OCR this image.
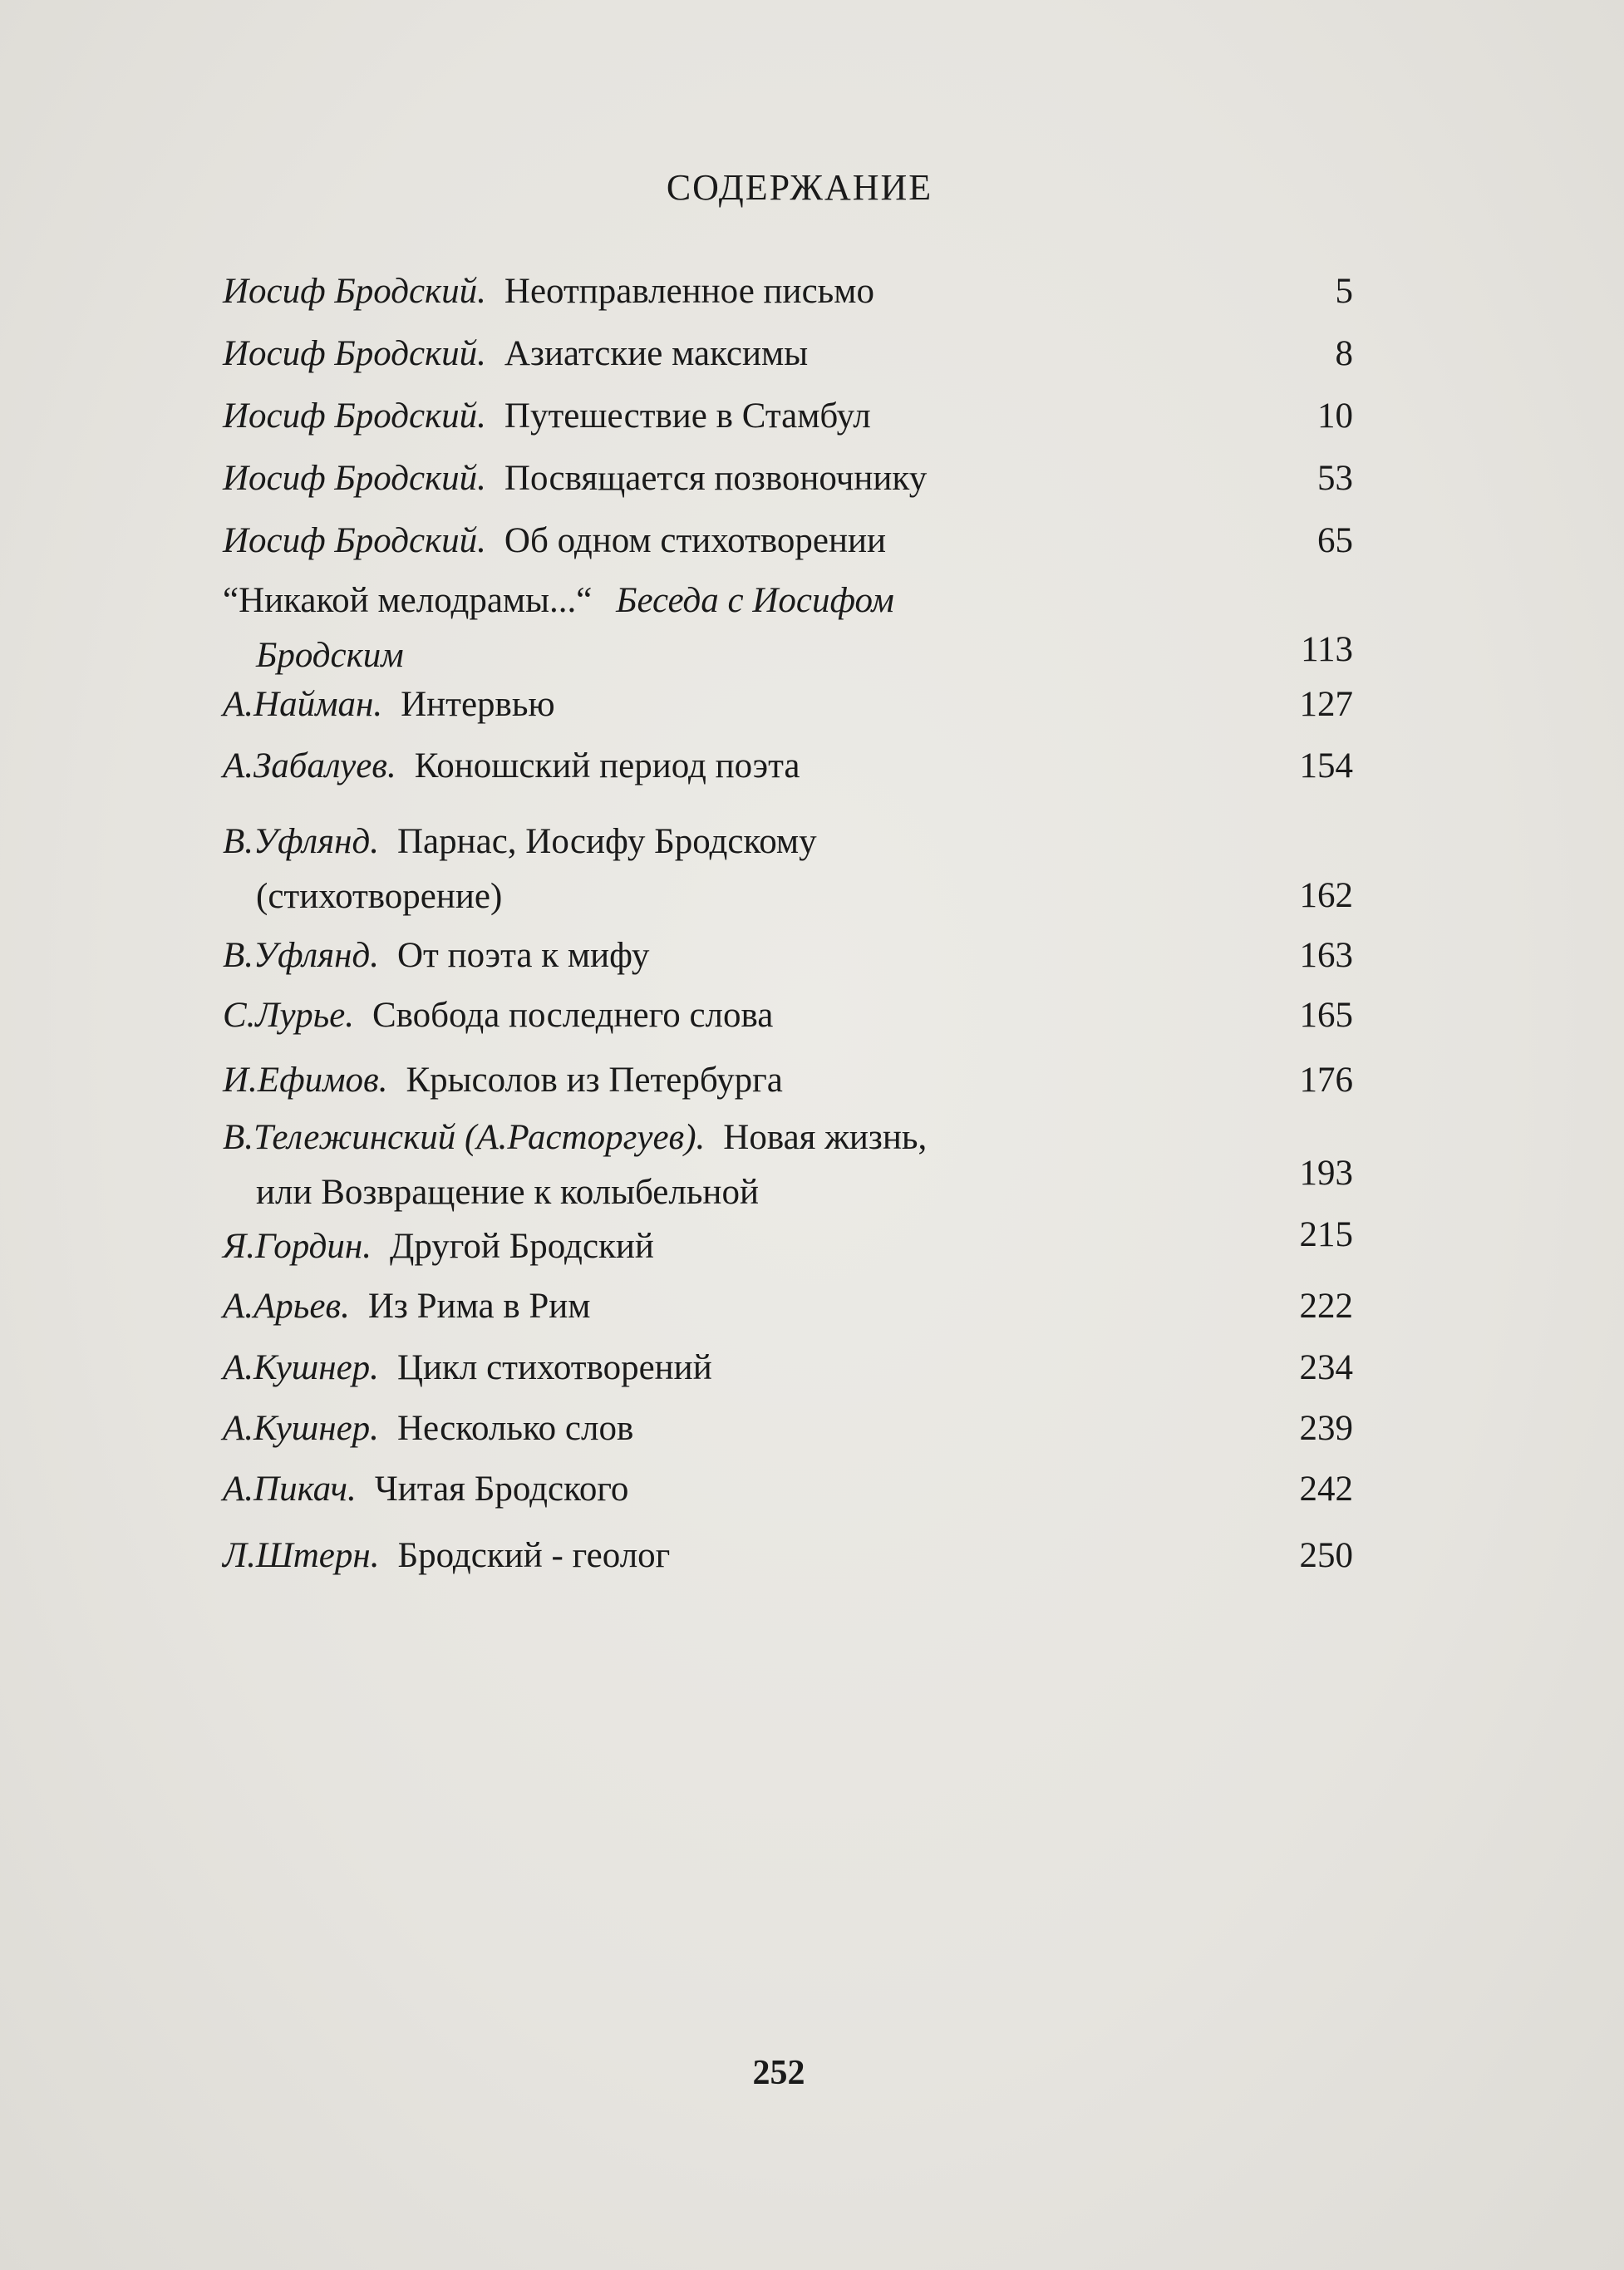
СОДЕРЖАНИЕ
Иосиф Бродский. Неотправленное письмо	5
Иосиф Бродский. Азиатские максимы	8
Иосиф Бродский. Путешествие в Стамбул	10
Иосиф Бродский. Посвящается позвоночнику	53
Иосиф Бродский. Об одном стихотворении	65
“Никакой мелодрамы...“ Беседа с Иосифом
Бродским	113
А.Найман. Интервью	127
А.Забалуев. Коношский период поэта	154
В.Уфлянд. Парнас, Иосифу Бродскому
(стихотворение)	162
В.Уфлянд. От поэта к мифу	163
С.Лурье. Свобода последнего слова	165
И.Ефимов. Крысолов из Петербурга	176
В.Тележинский (А.Расторгуев). Новая жизнь,
или Возвращение к колыбельной	193
Я.Гордин. Другой Бродский	215
А.Арьев. Из Рима в Рим	222
А.Кушнер. Цикл стихотворений	234
А.Кушнер. Несколько слов	239
А.Пикач. Читая Бродского	242
Л.Штерн. Бродский - геолог	250
252
